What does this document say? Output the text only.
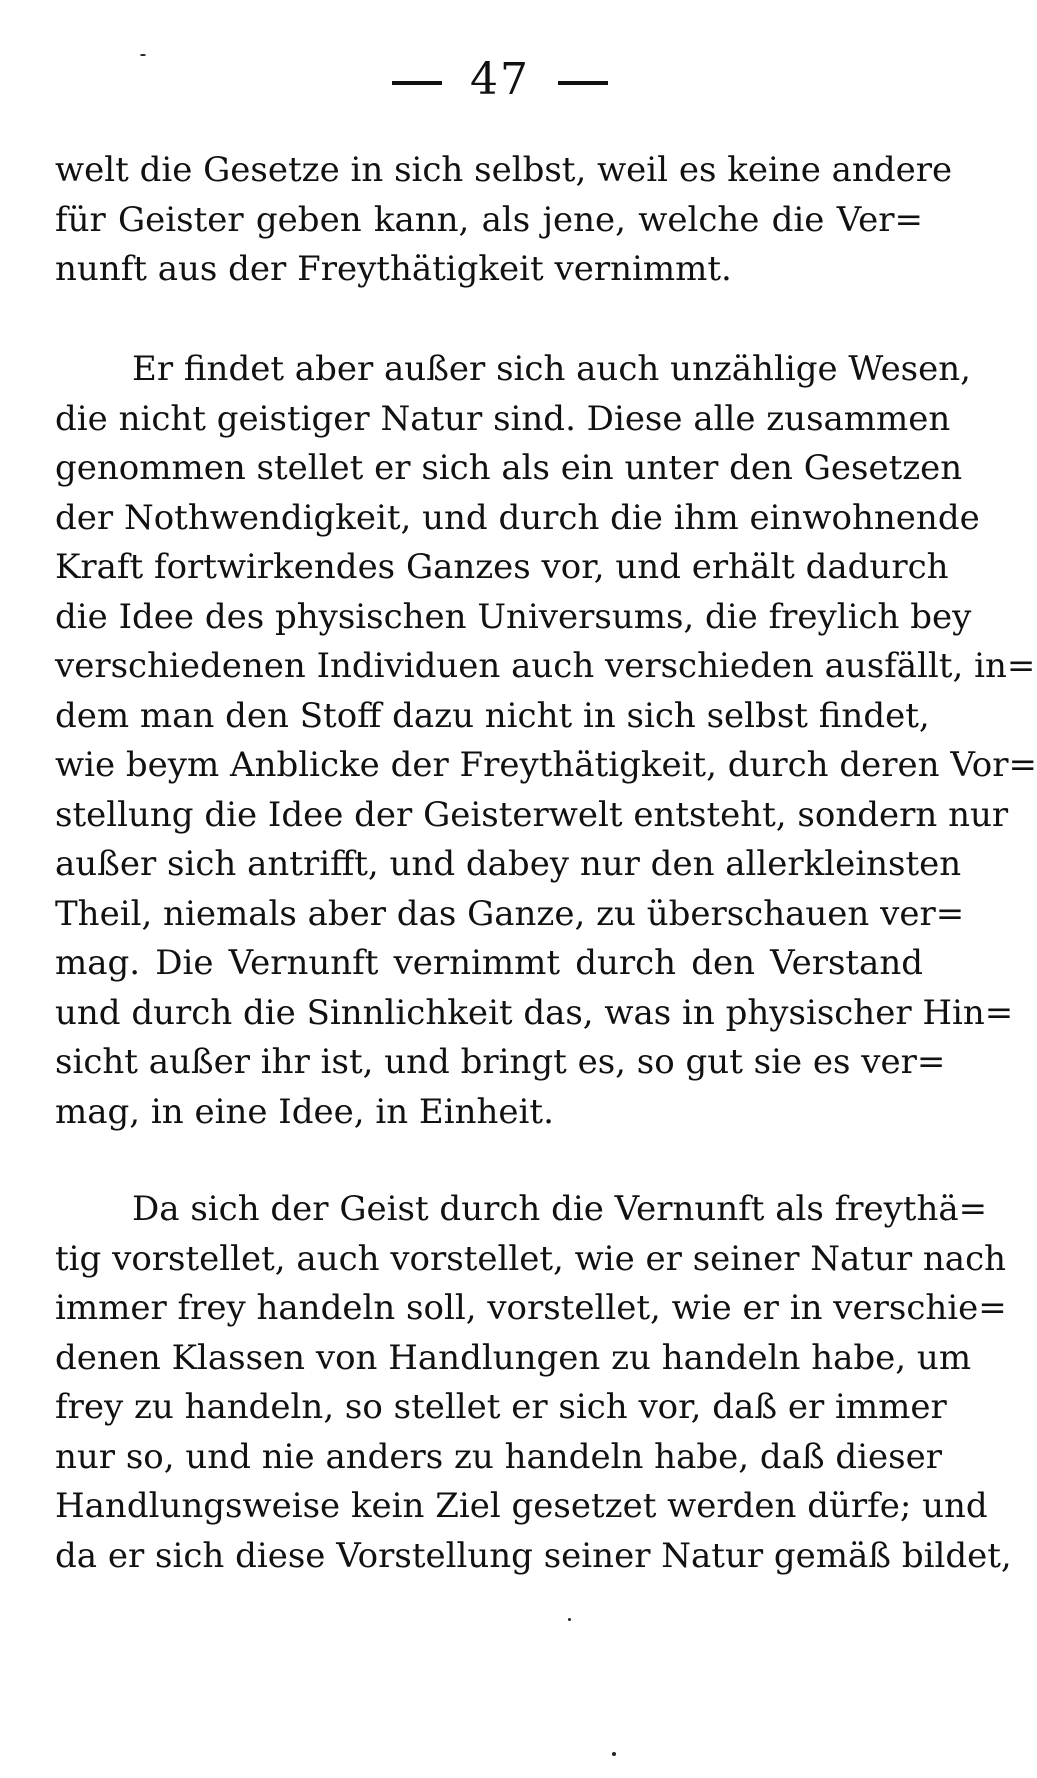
47
welt die Gesetze in sich selbst, weil es keine andere
für Geister geben kann, als jene, welche die Ver=
nunft aus der Freythätigkeit vernimmt.
Er findet aber außer sich auch unzählige Wesen,
die nicht geistiger Natur sind. Diese alle zusammen
genommen stellet er sich als ein unter den Gesetzen
der Nothwendigkeit, und durch die ihm einwohnende
Kraft fortwirkendes Ganzes vor, und erhält dadurch
die Idee des physischen Universums, die freylich bey
verschiedenen Individuen auch verschieden ausfällt, in=
dem man den Stoff dazu nicht in sich selbst findet,
wie beym Anblicke der Freythätigkeit, durch deren Vor=
stellung die Idee der Geisterwelt entsteht, sondern nur
außer sich antrifft, und dabey nur den allerkleinsten
Theil, niemals aber das Ganze, zu überschauen ver=
mag. Die Vernunft vernimmt durch den Verstand
und durch die Sinnlichkeit das, was in physischer Hin=
sicht außer ihr ist, und bringt es, so gut sie es ver=
mag, in eine Idee, in Einheit.
Da sich der Geist durch die Vernunft als freythä=
tig vorstellet, auch vorstellet, wie er seiner Natur nach
immer frey handeln soll, vorstellet, wie er in verschie=
denen Klassen von Handlungen zu handeln habe, um
frey zu handeln, so stellet er sich vor, daß er immer
nur so, und nie anders zu handeln habe, daß dieser
Handlungsweise kein Ziel gesetzet werden dürfe; und
da er sich diese Vorstellung seiner Natur gemäß bildet,
